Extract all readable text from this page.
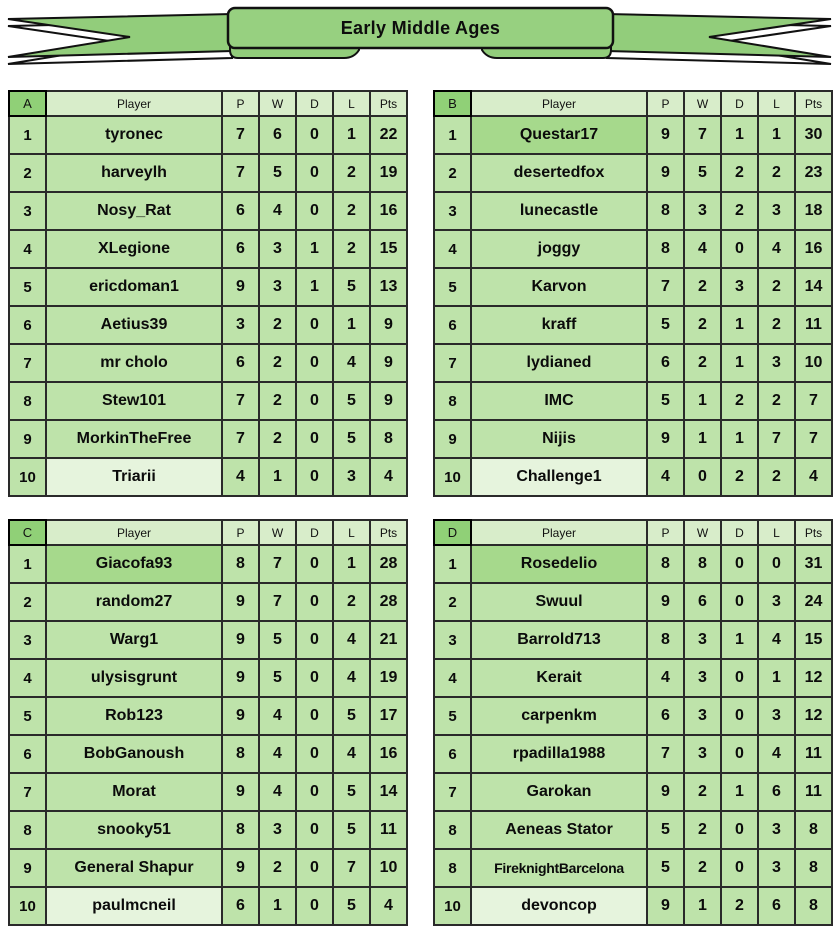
Early Middle Ages
A	Player	P	W	D	L	Pts
1	tyronec	7	6	0	1	22
2	harveylh	7	5	0	2	19
3	Nosy_Rat	6	4	0	2	16
4	XLegione	6	3	1	2	15
5	ericdoman1	9	3	1	5	13
6	Aetius39	3	2	0	1	9
7	mr cholo	6	2	0	4	9
8	Stew101	7	2	0	5	9
9	MorkinTheFree	7	2	0	5	8
10	Triarii	4	1	0	3	4
B	Player	P	W	D	L	Pts
1	Questar17	9	7	1	1	30
2	desertedfox	9	5	2	2	23
3	lunecastle	8	3	2	3	18
4	joggy	8	4	0	4	16
5	Karvon	7	2	3	2	14
6	kraff	5	2	1	2	11
7	lydianed	6	2	1	3	10
8	IMC	5	1	2	2	7
9	Nijis	9	1	1	7	7
10	Challenge1	4	0	2	2	4
C	Player	P	W	D	L	Pts
1	Giacofa93	8	7	0	1	28
2	random27	9	7	0	2	28
3	Warg1	9	5	0	4	21
4	ulysisgrunt	9	5	0	4	19
5	Rob123	9	4	0	5	17
6	BobGanoush	8	4	0	4	16
7	Morat	9	4	0	5	14
8	snooky51	8	3	0	5	11
9	General Shapur	9	2	0	7	10
10	paulmcneil	6	1	0	5	4
D	Player	P	W	D	L	Pts
1	Rosedelio	8	8	0	0	31
2	Swuul	9	6	0	3	24
3	Barrold713	8	3	1	4	15
4	Kerait	4	3	0	1	12
5	carpenkm	6	3	0	3	12
6	rpadilla1988	7	3	0	4	11
7	Garokan	9	2	1	6	11
8	Aeneas Stator	5	2	0	3	8
8	FireknightBarcelona	5	2	0	3	8
10	devoncop	9	1	2	6	8
